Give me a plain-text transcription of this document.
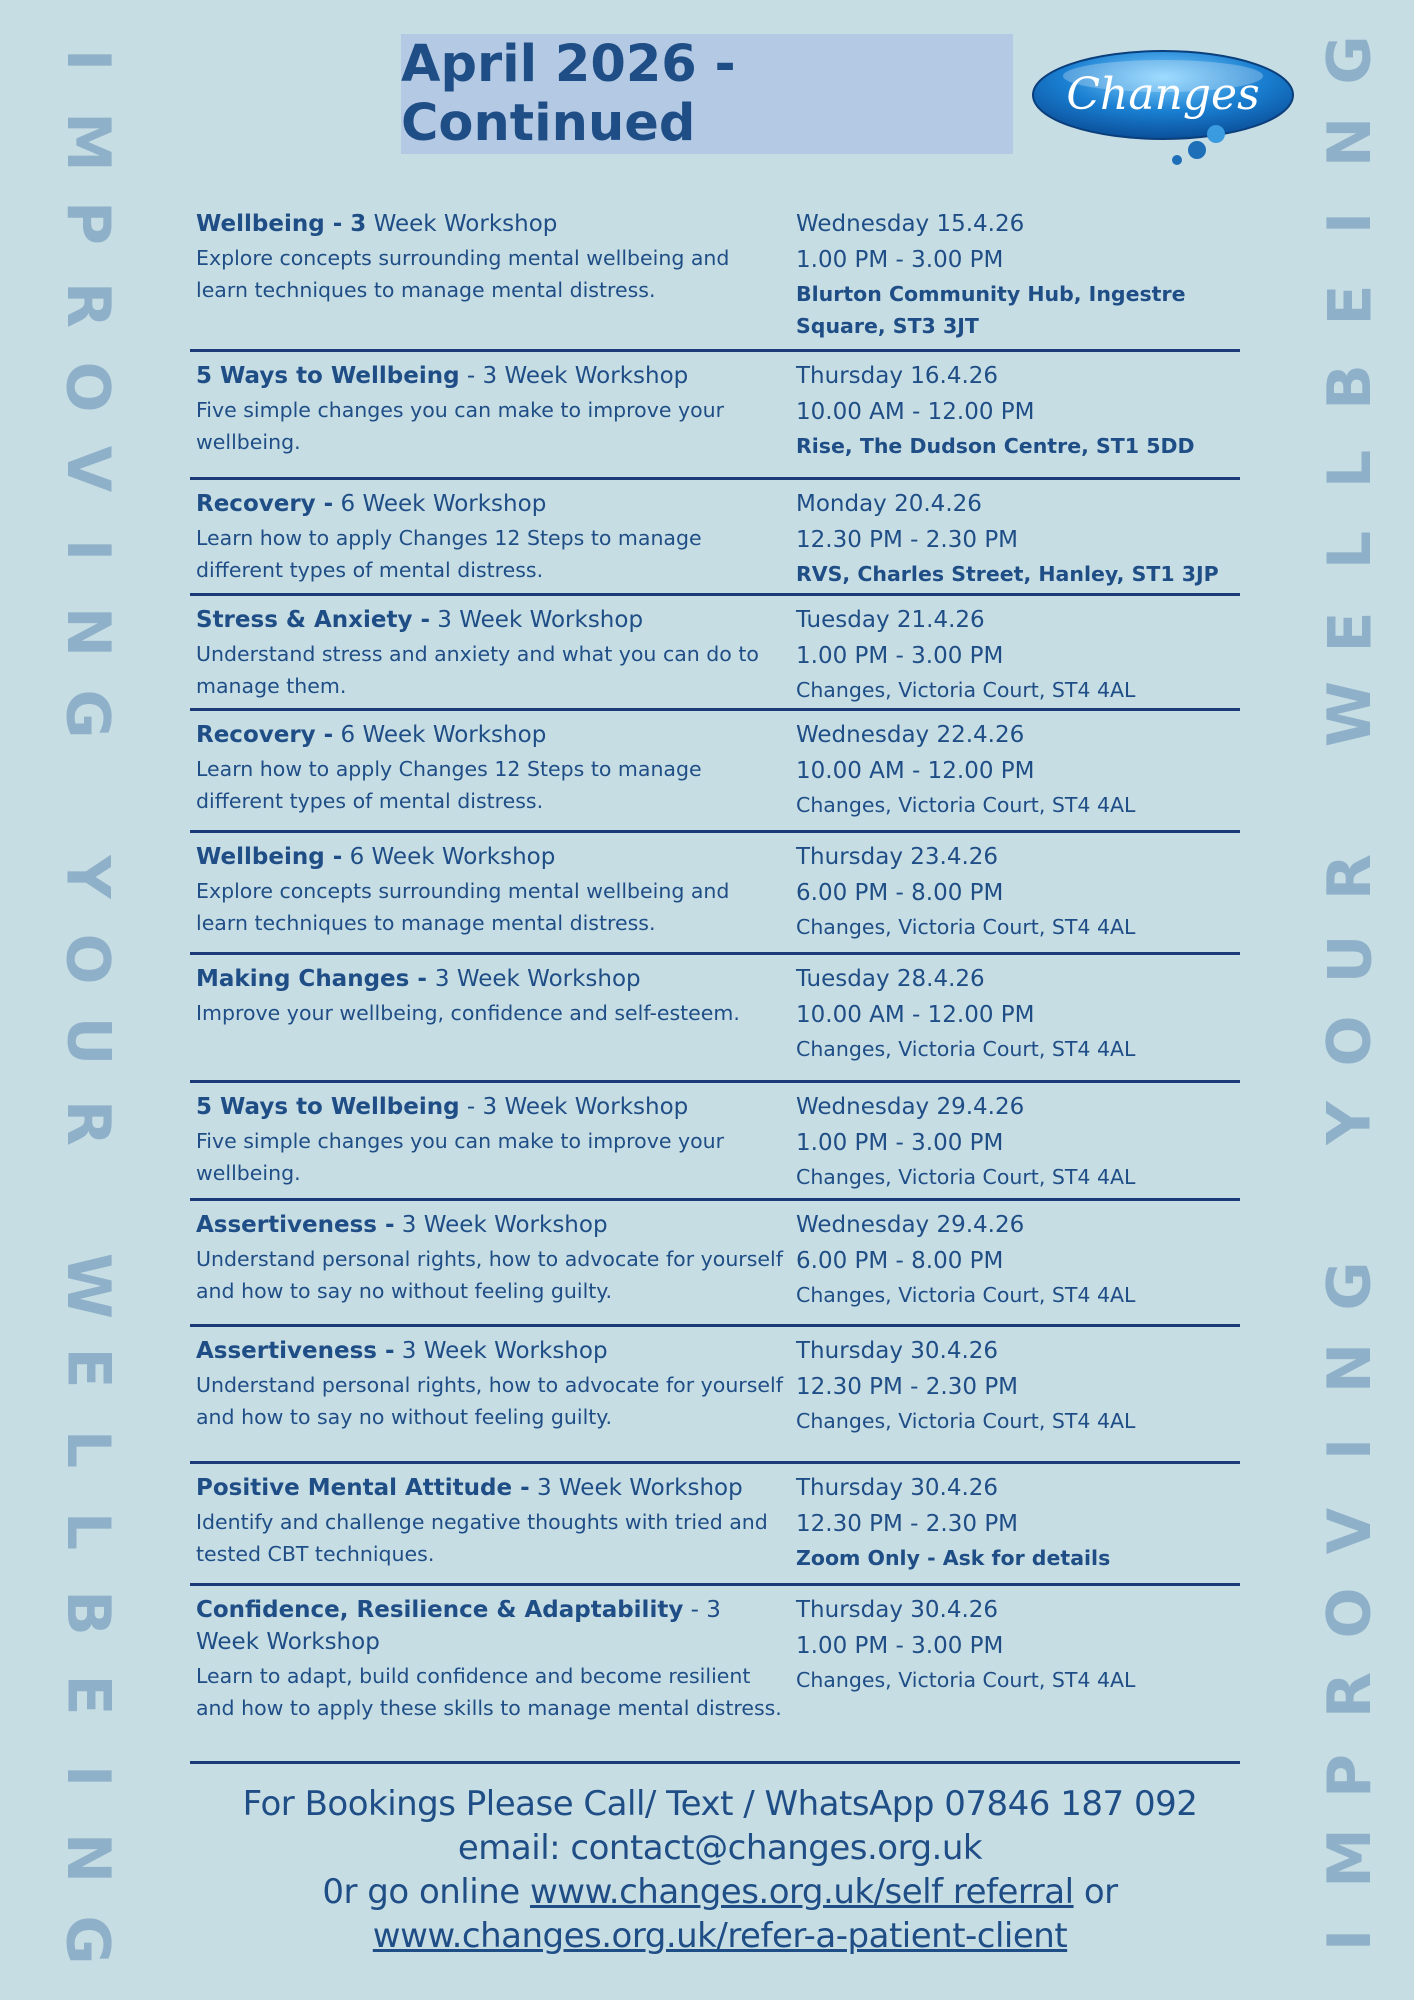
I
M
P
R
O
V
I
N
G
Y
O
U
R
W
E
L
L
B
E
I
N
G	I
M
P
R
O
V
I
N
G
Y
O
U
R
W
E
L
L
B
E
I
N
G
April 2026 - Continued	Changes
Wellbeing - 3 Week Workshop
Explore concepts surrounding mental wellbeing and learn techniques to manage mental distress.
Wednesday 15.4.26
1.00 PM - 3.00 PM
Blurton Community Hub, Ingestre Square, ST3 3JT
5 Ways to Wellbeing - 3 Week Workshop
Five simple changes you can make to improve your wellbeing.
Thursday 16.4.26
10.00 AM - 12.00 PM
Rise, The Dudson Centre, ST1 5DD
Recovery - 6 Week Workshop
Learn how to apply Changes 12 Steps to manage different types of mental distress.
Monday 20.4.26
12.30 PM - 2.30 PM
RVS, Charles Street, Hanley, ST1 3JP
Stress & Anxiety - 3 Week Workshop
Understand stress and anxiety and what you can do to manage them.
Tuesday 21.4.26
1.00 PM - 3.00 PM
Changes, Victoria Court, ST4 4AL
Recovery - 6 Week Workshop
Learn how to apply Changes 12 Steps to manage different types of mental distress.
Wednesday 22.4.26
10.00 AM - 12.00 PM
Changes, Victoria Court, ST4 4AL
Wellbeing - 6 Week Workshop
Explore concepts surrounding mental wellbeing and learn techniques to manage mental distress.
Thursday 23.4.26
6.00 PM - 8.00 PM
Changes, Victoria Court, ST4 4AL
Making Changes - 3 Week Workshop
Improve your wellbeing, confidence and self-esteem.
Tuesday 28.4.26
10.00 AM - 12.00 PM
Changes, Victoria Court, ST4 4AL
5 Ways to Wellbeing - 3 Week Workshop
Five simple changes you can make to improve your wellbeing.
Wednesday 29.4.26
1.00 PM - 3.00 PM
Changes, Victoria Court, ST4 4AL
Assertiveness - 3 Week Workshop
Understand personal rights, how to advocate for yourself and how to say no without feeling guilty.
Wednesday 29.4.26
6.00 PM - 8.00 PM
Changes, Victoria Court, ST4 4AL
Assertiveness - 3 Week Workshop
Understand personal rights, how to advocate for yourself and how to say no without feeling guilty.
Thursday 30.4.26
12.30 PM - 2.30 PM
Changes, Victoria Court, ST4 4AL
Positive Mental Attitude - 3 Week Workshop
Identify and challenge negative thoughts with tried and tested CBT techniques.
Thursday 30.4.26
12.30 PM - 2.30 PM
Zoom Only - Ask for details
Confidence, Resilience & Adaptability - 3 Week Workshop
Learn to adapt, build confidence and become resilient and how to apply these skills to manage mental distress.
Thursday 30.4.26
1.00 PM - 3.00 PM
Changes, Victoria Court, ST4 4AL
For Bookings Please Call/ Text / WhatsApp 07846 187 092
email: contact@changes.org.uk
0r go online www.changes.org.uk/self referral or
www.changes.org.uk/refer-a-patient-client
